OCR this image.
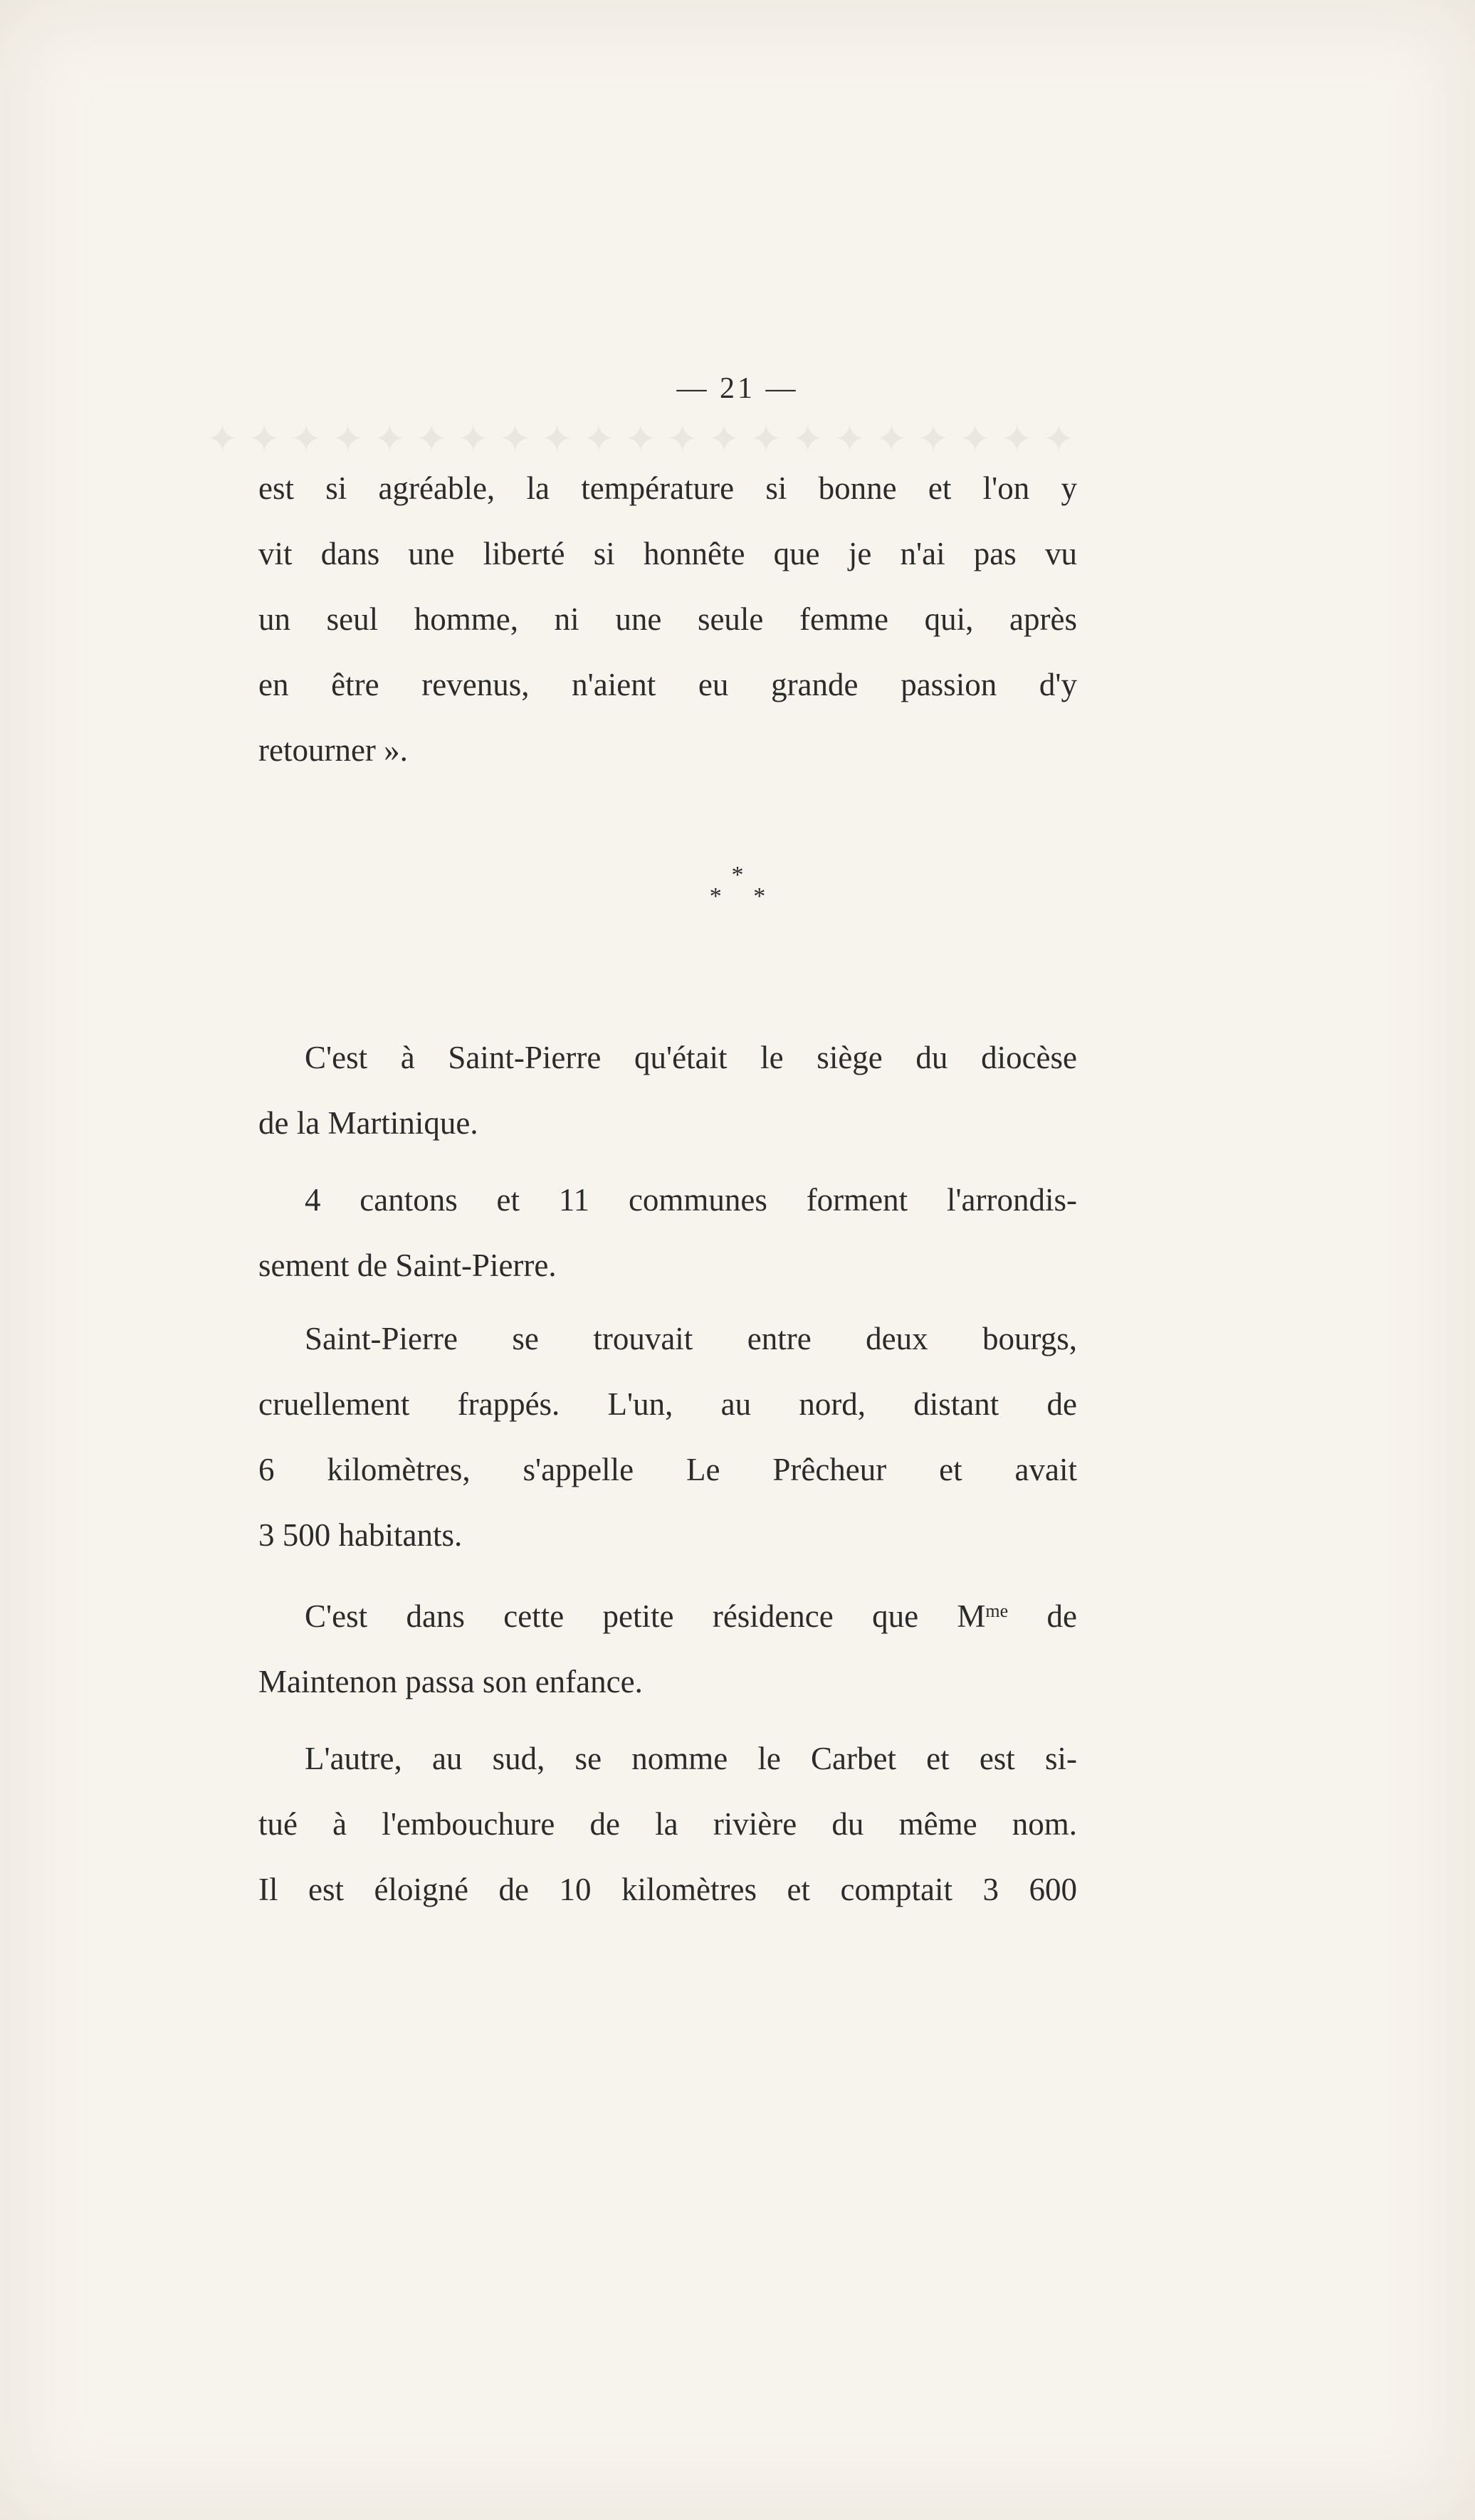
✦ ✦ ✦ ✦ ✦ ✦ ✦ ✦ ✦ ✦ ✦ ✦ ✦ ✦ ✦ ✦ ✦ ✦ ✦ ✦ ✦
— 21 —

est si agréable, la température si bonne et l'on y

vit dans une liberté si honnête que je n'ai pas vu

un seul homme, ni une seule femme qui, après

en être revenus, n'aient eu grande passion d'y

retourner ».

*
* *

C'est à Saint-Pierre qu'était le siège du diocèse

de la Martinique.

4 cantons et 11 communes forment l'arrondis-

sement de Saint-Pierre.

Saint-Pierre se trouvait entre deux bourgs,

cruellement frappés. L'un, au nord, distant de

6 kilomètres, s'appelle Le Prêcheur et avait

3 500 habitants.

C'est dans cette petite résidence que $M^{me}$ de

Maintenon passa son enfance.

L'autre, au sud, se nomme le Carbet et est si-

tué à l'embouchure de la rivière du même nom.

Il est éloigné de 10 kilomètres et comptait 3 600
